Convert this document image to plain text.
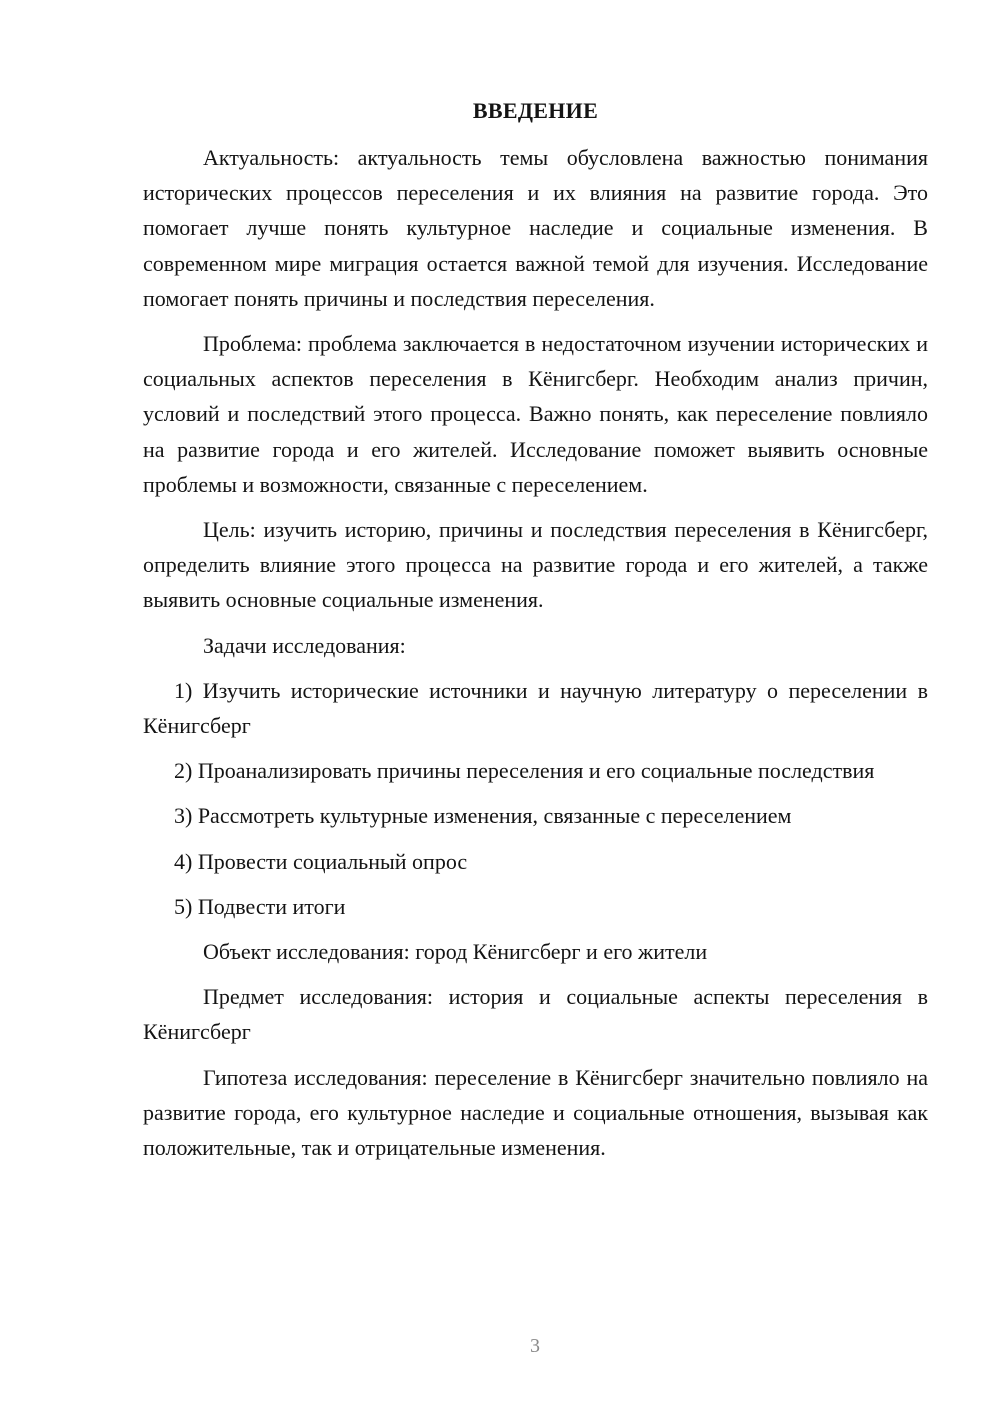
ВВЕДЕНИЕ

Актуальность: актуальность темы обусловлена важностью понимания исторических процессов переселения и их влияния на развитие города. Это помогает лучше понять культурное наследие и социальные изменения. В современном мире миграция остается важной темой для изучения. Исследование помогает понять причины и последствия переселения.

Проблема: проблема заключается в недостаточном изучении исторических и социальных аспектов переселения в Кёнигсберг. Необходим анализ причин, условий и последствий этого процесса. Важно понять, как переселение повлияло на развитие города и его жителей. Исследование поможет выявить основные проблемы и возможности, связанные с переселением.

Цель: изучить историю, причины и последствия переселения в Кёнигсберг, определить влияние этого процесса на развитие города и его жителей, а также выявить основные социальные изменения.

Задачи исследования:

1) Изучить исторические источники и научную литературу о переселении в Кёнигсберг

2) Проанализировать причины переселения и его социальные последствия

3) Рассмотреть культурные изменения, связанные с переселением

4) Провести социальный опрос

5) Подвести итоги

Объект исследования: город Кёнигсберг и его жители

Предмет исследования: история и социальные аспекты переселения в Кёнигсберг

Гипотеза исследования: переселение в Кёнигсберг значительно повлияло на развитие города, его культурное наследие и социальные отношения, вызывая как положительные, так и отрицательные изменения.

3
